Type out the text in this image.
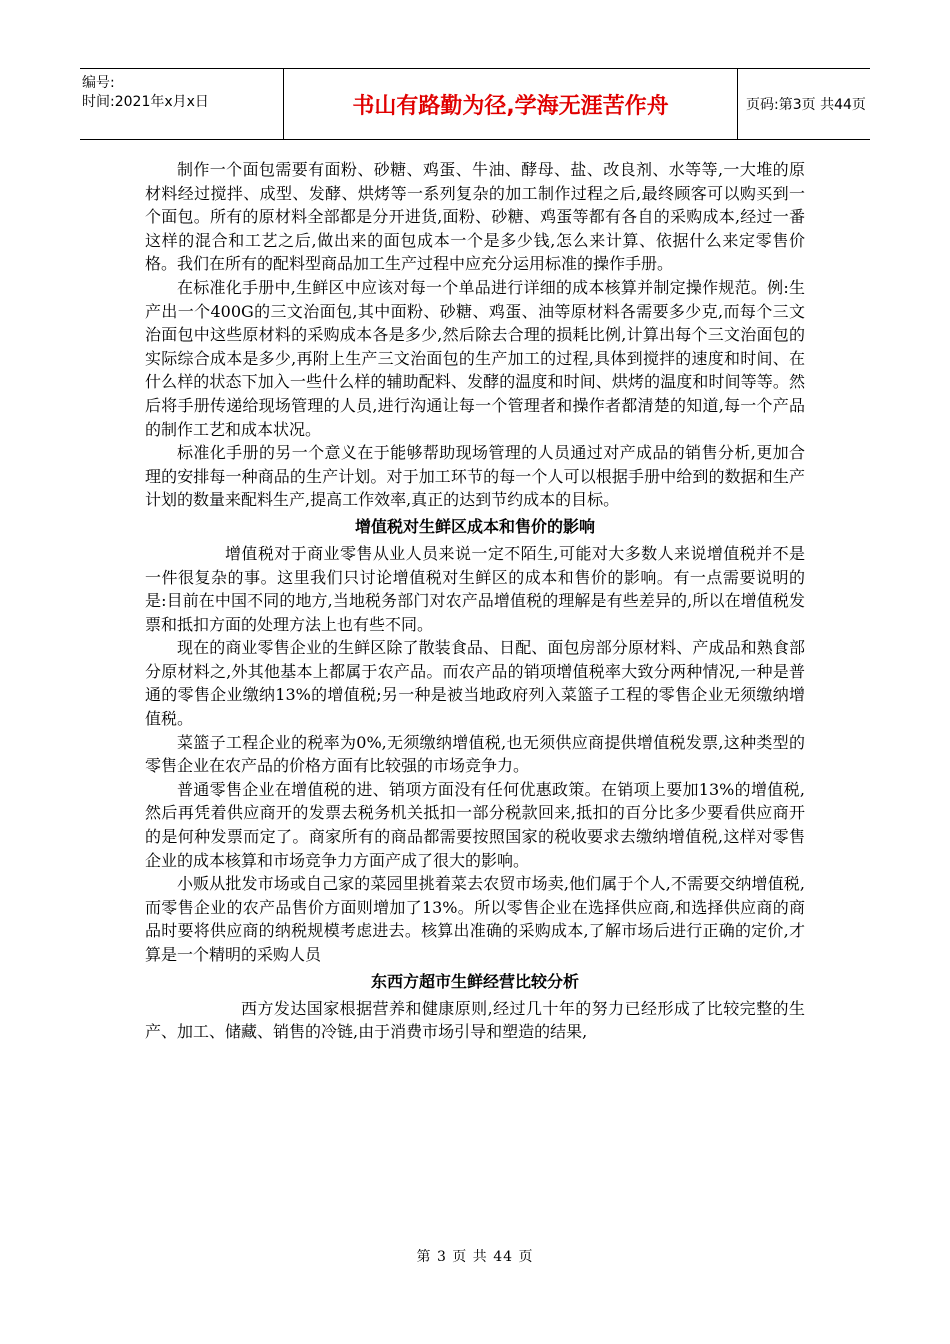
编号:
时间:2021年x月x日	书山有路勤为径,学海无涯苦作舟	页码:第3页 共44页

制作一个面包需要有面粉、砂糖、鸡蛋、牛油、酵母、盐、改良剂、水等等,一大堆的原材料经过搅拌、成型、发酵、烘烤等一系列复杂的加工制作过程之后,最终顾客可以购买到一个面包。所有的原材料全部都是分开进货,面粉、砂糖、鸡蛋等都有各自的采购成本,经过一番这样的混合和工艺之后,做出来的面包成本一个是多少钱,怎么来计算、依据什么来定零售价格。我们在所有的配料型商品加工生产过程中应充分运用标准的操作手册。

在标准化手册中,生鲜区中应该对每一个单品进行详细的成本核算并制定操作规范。例:生产出一个400G的三文治面包,其中面粉、砂糖、鸡蛋、油等原材料各需要多少克,而每个三文治面包中这些原材料的采购成本各是多少,然后除去合理的损耗比例,计算出每个三文治面包的实际综合成本是多少,再附上生产三文治面包的生产加工的过程,具体到搅拌的速度和时间、在什么样的状态下加入一些什么样的辅助配料、发酵的温度和时间、烘烤的温度和时间等等。然后将手册传递给现场管理的人员,进行沟通让每一个管理者和操作者都清楚的知道,每一个产品的制作工艺和成本状况。

标准化手册的另一个意义在于能够帮助现场管理的人员通过对产成品的销售分析,更加合理的安排每一种商品的生产计划。对于加工环节的每一个人可以根据手册中给到的数据和生产计划的数量来配料生产,提高工作效率,真正的达到节约成本的目标。

增值税对生鲜区成本和售价的影响

增值税对于商业零售从业人员来说一定不陌生,可能对大多数人来说增值税并不是一件很复杂的事。这里我们只讨论增值税对生鲜区的成本和售价的影响。有一点需要说明的是:目前在中国不同的地方,当地税务部门对农产品增值税的理解是有些差异的,所以在增值税发票和抵扣方面的处理方法上也有些不同。

现在的商业零售企业的生鲜区除了散装食品、日配、面包房部分原材料、产成品和熟食部分原材料之,外其他基本上都属于农产品。而农产品的销项增值税率大致分两种情况,一种是普通的零售企业缴纳13%的增值税;另一种是被当地政府列入菜篮子工程的零售企业无须缴纳增值税。

菜篮子工程企业的税率为0%,无须缴纳增值税,也无须供应商提供增值税发票,这种类型的零售企业在农产品的价格方面有比较强的市场竞争力。

普通零售企业在增值税的进、销项方面没有任何优惠政策。在销项上要加13%的增值税,然后再凭着供应商开的发票去税务机关抵扣一部分税款回来,抵扣的百分比多少要看供应商开的是何种发票而定了。商家所有的商品都需要按照国家的税收要求去缴纳增值税,这样对零售企业的成本核算和市场竞争力方面产成了很大的影响。

小贩从批发市场或自己家的菜园里挑着菜去农贸市场卖,他们属于个人,不需要交纳增值税,而零售企业的农产品售价方面则增加了13%。所以零售企业在选择供应商,和选择供应商的商品时要将供应商的纳税规模考虑进去。核算出准确的采购成本,了解市场后进行正确的定价,才算是一个精明的采购人员

东西方超市生鲜经营比较分析

西方发达国家根据营养和健康原则,经过几十年的努力已经形成了比较完整的生产、加工、储藏、销售的冷链,由于消费市场引导和塑造的结果,

第 3 页 共 44 页
